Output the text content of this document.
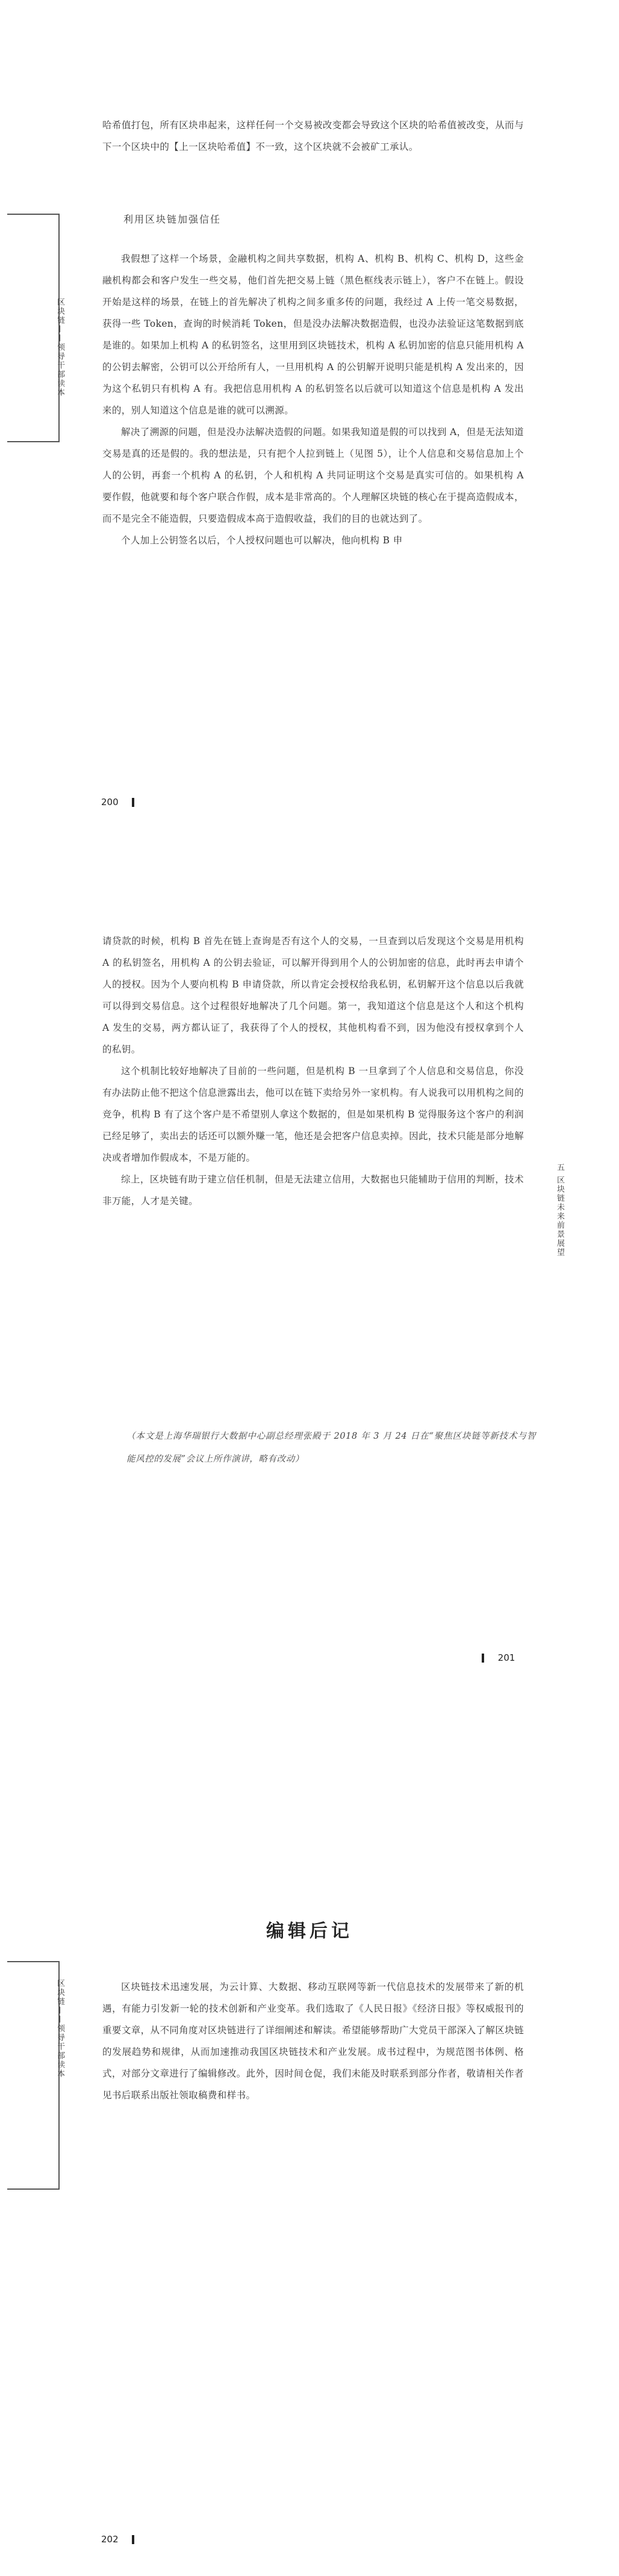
区块链——领导干部读本

哈希值打包，所有区块串起来，这样任何一个交易被改变都会导致这个区块的哈希值被改变，从而与下一个区块中的【上一区块哈希值】不一致，这个区块就不会被矿工承认。

利用区块链加强信任

我假想了这样一个场景，金融机构之间共享数据，机构 A、机构 B、机构 C、机构 D，这些金融机构都会和客户发生一些交易，他们首先把交易上链（黑色框线表示链上），客户不在链上。假设开始是这样的场景，在链上的首先解决了机构之间多重多传的问题，我经过 A 上传一笔交易数据，获得一些 Token，查询的时候消耗 Token，但是没办法解决数据造假，也没办法验证这笔数据到底是谁的。如果加上机构 A 的私钥签名，这里用到区块链技术，机构 A 私钥加密的信息只能用机构 A 的公钥去解密，公钥可以公开给所有人，一旦用机构 A 的公钥解开说明只能是机构 A 发出来的，因为这个私钥只有机构 A 有。我把信息用机构 A 的私钥签名以后就可以知道这个信息是机构 A 发出来的，别人知道这个信息是谁的就可以溯源。

解决了溯源的问题，但是没办法解决造假的问题。如果我知道是假的可以找到 A，但是无法知道交易是真的还是假的。我的想法是，只有把个人拉到链上（见图 5），让个人信息和交易信息加上个人的公钥，再套一个机构 A 的私钥，个人和机构 A 共同证明这个交易是真实可信的。如果机构 A 要作假，他就要和每个客户联合作假，成本是非常高的。个人理解区块链的核心在于提高造假成本，而不是完全不能造假，只要造假成本高于造假收益，我们的目的也就达到了。

个人加上公钥签名以后，个人授权问题也可以解决，他向机构 B 申

200

请贷款的时候，机构 B 首先在链上查询是否有这个人的交易，一旦查到以后发现这个交易是用机构 A 的私钥签名，用机构 A 的公钥去验证，可以解开得到用个人的公钥加密的信息，此时再去申请个人的授权。因为个人要向机构 B 申请贷款，所以肯定会授权给我私钥，私钥解开这个信息以后我就可以得到交易信息。这个过程很好地解决了几个问题。第一，我知道这个信息是这个人和这个机构 A 发生的交易，两方都认证了，我获得了个人的授权，其他机构看不到，因为他没有授权拿到个人的私钥。

这个机制比较好地解决了目前的一些问题，但是机构 B 一旦拿到了个人信息和交易信息，你没有办法防止他不把这个信息泄露出去，他可以在链下卖给另外一家机构。有人说我可以用机构之间的竞争，机构 B 有了这个客户是不希望别人拿这个数据的，但是如果机构 B 觉得服务这个客户的利润已经足够了，卖出去的话还可以额外赚一笔，他还是会把客户信息卖掉。因此，技术只能是部分地解决或者增加作假成本，不是万能的。

综上，区块链有助于建立信任机制，但是无法建立信用，大数据也只能辅助于信用的判断，技术非万能，人才是关键。

（本文是上海华瑞银行大数据中心副总经理张殿于 2018 年 3 月 24 日在“聚焦区块链等新技术与智能风控的发展”会议上所作演讲，略有改动）
五 区块链未来前景展望
201
编辑后记
区块链——领导干部读本	区块链技术迅速发展，为云计算、大数据、移动互联网等新一代信息技术的发展带来了新的机遇，有能力引发新一轮的技术创新和产业变革。我们选取了《人民日报》《经济日报》等权威报刊的重要文章，从不同角度对区块链进行了详细阐述和解读。希望能够帮助广大党员干部深入了解区块链的发展趋势和规律，从而加速推动我国区块链技术和产业发展。成书过程中，为规范图书体例、格式，对部分文章进行了编辑修改。此外，因时间仓促，我们未能及时联系到部分作者，敬请相关作者见书后联系出版社领取稿费和样书。

202
